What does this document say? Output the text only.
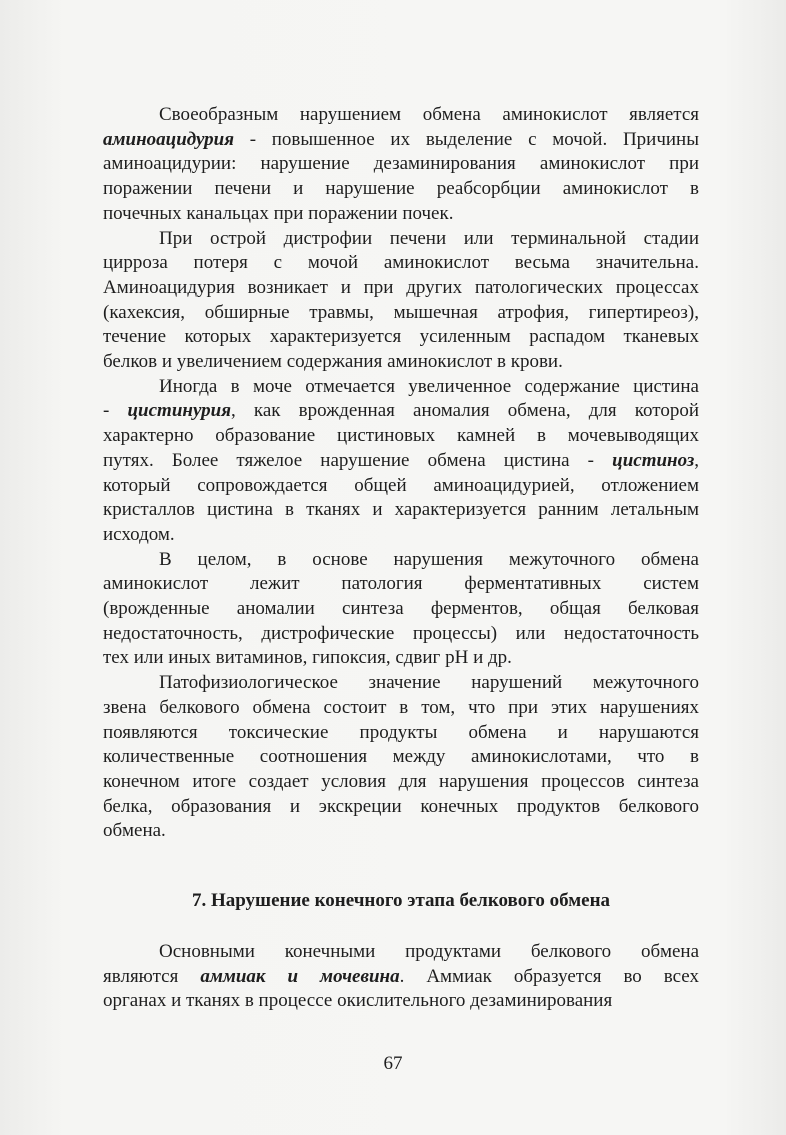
Своеобразным нарушением обмена аминокислот является
аминоацидурия - повышенное их выделение с мочой. Причины
аминоацидурии: нарушение дезаминирования аминокислот при
поражении печени и нарушение реабсорбции аминокислот в
почечных канальцах при поражении почек.
При острой дистрофии печени или терминальной стадии
цирроза потеря с мочой аминокислот весьма значительна.
Аминоацидурия возникает и при других патологических процессах
(кахексия, обширные травмы, мышечная атрофия, гипертиреоз),
течение которых характеризуется усиленным распадом тканевых
белков и увеличением содержания аминокислот в крови.
Иногда в моче отмечается увеличенное содержание цистина
- цистинурия, как врожденная аномалия обмена, для которой
характерно образование цистиновых камней в мочевыводящих
путях. Более тяжелое нарушение обмена цистина - цистиноз,
который сопровождается общей аминоацидурией, отложением
кристаллов цистина в тканях и характеризуется ранним летальным
исходом.
В целом, в основе нарушения межуточного обмена
аминокислот лежит патология ферментативных систем
(врожденные аномалии синтеза ферментов, общая белковая
недостаточность, дистрофические процессы) или недостаточность
тех или иных витаминов, гипоксия, сдвиг рН и др.
Патофизиологическое значение нарушений межуточного
звена белкового обмена состоит в том, что при этих нарушениях
появляются токсические продукты обмена и нарушаются
количественные соотношения между аминокислотами, что в
конечном итоге создает условия для нарушения процессов синтеза
белка, образования и экскреции конечных продуктов белкового
обмена.
7. Нарушение конечного этапа белкового обмена
Основными конечными продуктами белкового обмена
являются аммиак и мочевина. Аммиак образуется во всех
органах и тканях в процессе окислительного дезаминирования
67
